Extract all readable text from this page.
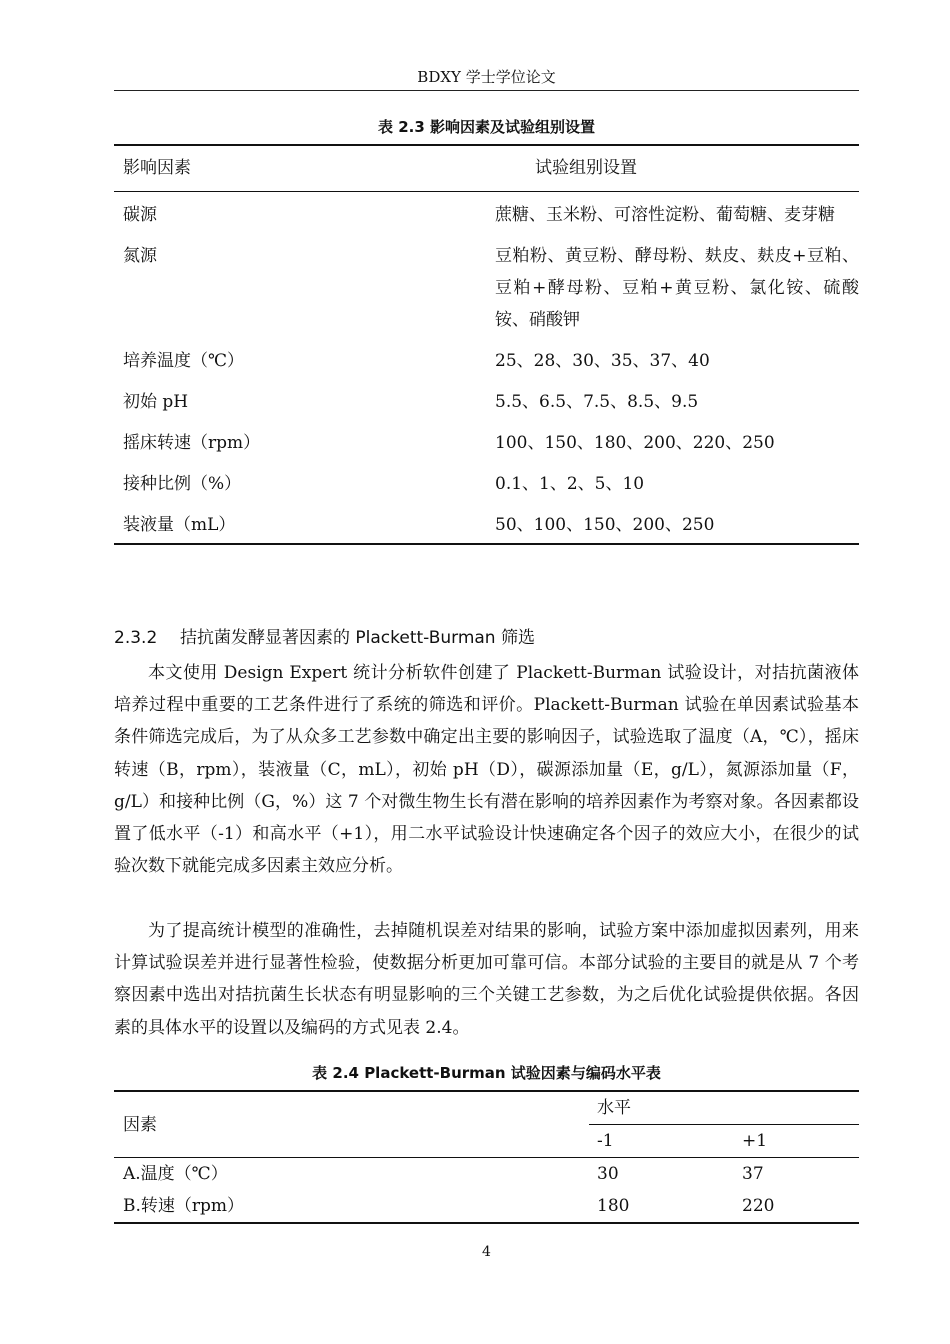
BDXY 学士学位论文
表 2.3 影响因素及试验组别设置
影响因素	试验组别设置
碳源	蔗糖、玉米粉、可溶性淀粉、葡萄糖、麦芽糖
氮源	豆粕粉、黄豆粉、酵母粉、麸皮、麸皮+豆粕、豆粕+酵母粉、豆粕+黄豆粉、氯化铵、硫酸铵、硝酸钾
培养温度（℃）	25、28、30、35、37、40
初始 pH	5.5、6.5、7.5、8.5、9.5
摇床转速（rpm）	100、150、180、200、220、250
接种比例（%）	0.1、1、2、5、10
装液量（mL）	50、100、150、200、250
2.3.2 拮抗菌发酵显著因素的 Plackett-Burman 筛选

本文使用 Design Expert 统计分析软件创建了 Plackett-Burman 试验设计，对拮抗菌液体培养过程中重要的工艺条件进行了系统的筛选和评价。Plackett-Burman 试验在单因素试验基本条件筛选完成后，为了从众多工艺参数中确定出主要的影响因子，试验选取了温度（A，℃），摇床转速（B，rpm），装液量（C，mL），初始 pH（D），碳源添加量（E，g/L），氮源添加量（F，g/L）和接种比例（G，%）这 7 个对微生物生长有潜在影响的培养因素作为考察对象。各因素都设置了低水平（-1）和高水平（+1），用二水平试验设计快速确定各个因子的效应大小，在很少的试验次数下就能完成多因素主效应分析。

为了提高统计模型的准确性，去掉随机误差对结果的影响，试验方案中添加虚拟因素列，用来计算试验误差并进行显著性检验，使数据分析更加可靠可信。本部分试验的主要目的就是从 7 个考察因素中选出对拮抗菌生长状态有明显影响的三个关键工艺参数，为之后优化试验提供依据。各因素的具体水平的设置以及编码的方式见表 2.4。

表 2.4 Plackett-Burman 试验因素与编码水平表
因素	水平	
	-1	+1
A.温度（℃）	30	37
B.转速（rpm）	180	220
4
